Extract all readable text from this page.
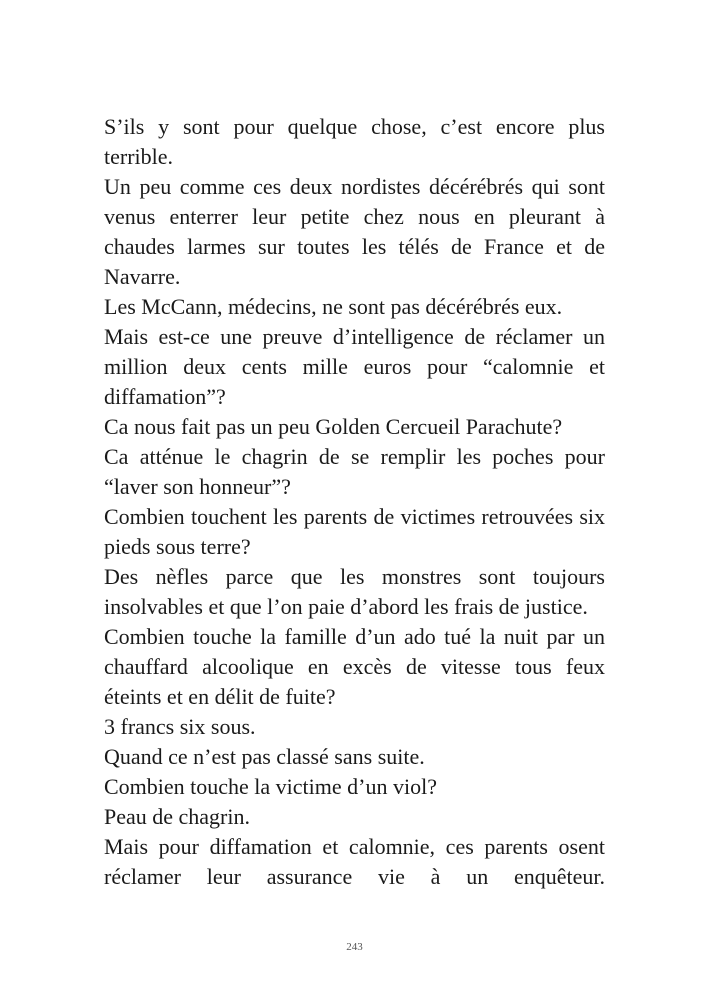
S’ils y sont pour quelque chose, c’est encore plus terrible.

Un peu comme ces deux nordistes décérébrés qui sont venus enterrer leur petite chez nous en pleurant à chaudes larmes sur toutes les télés de France et de Navarre.

Les McCann, médecins, ne sont pas décérébrés eux.

Mais est-ce une preuve d’intelligence de réclamer un million deux cents mille euros pour “calomnie et diffamation”?

Ca nous fait pas un peu Golden Cercueil Parachute?

Ca atténue le chagrin de se remplir les poches pour “laver son honneur”?

Combien touchent les parents de victimes retrouvées six pieds sous terre?

Des nèfles parce que les monstres sont toujours insolvables et que l’on paie d’abord les frais de justice.

Combien touche la famille d’un ado tué la nuit par un chauffard alcoolique en excès de vitesse tous feux éteints et en délit de fuite?

3 francs six sous.

Quand ce n’est pas classé sans suite.

Combien touche la victime d’un viol?

Peau de chagrin.

Mais pour diffamation et calomnie, ces parents osent réclamer leur assurance vie à un enquêteur.

243
